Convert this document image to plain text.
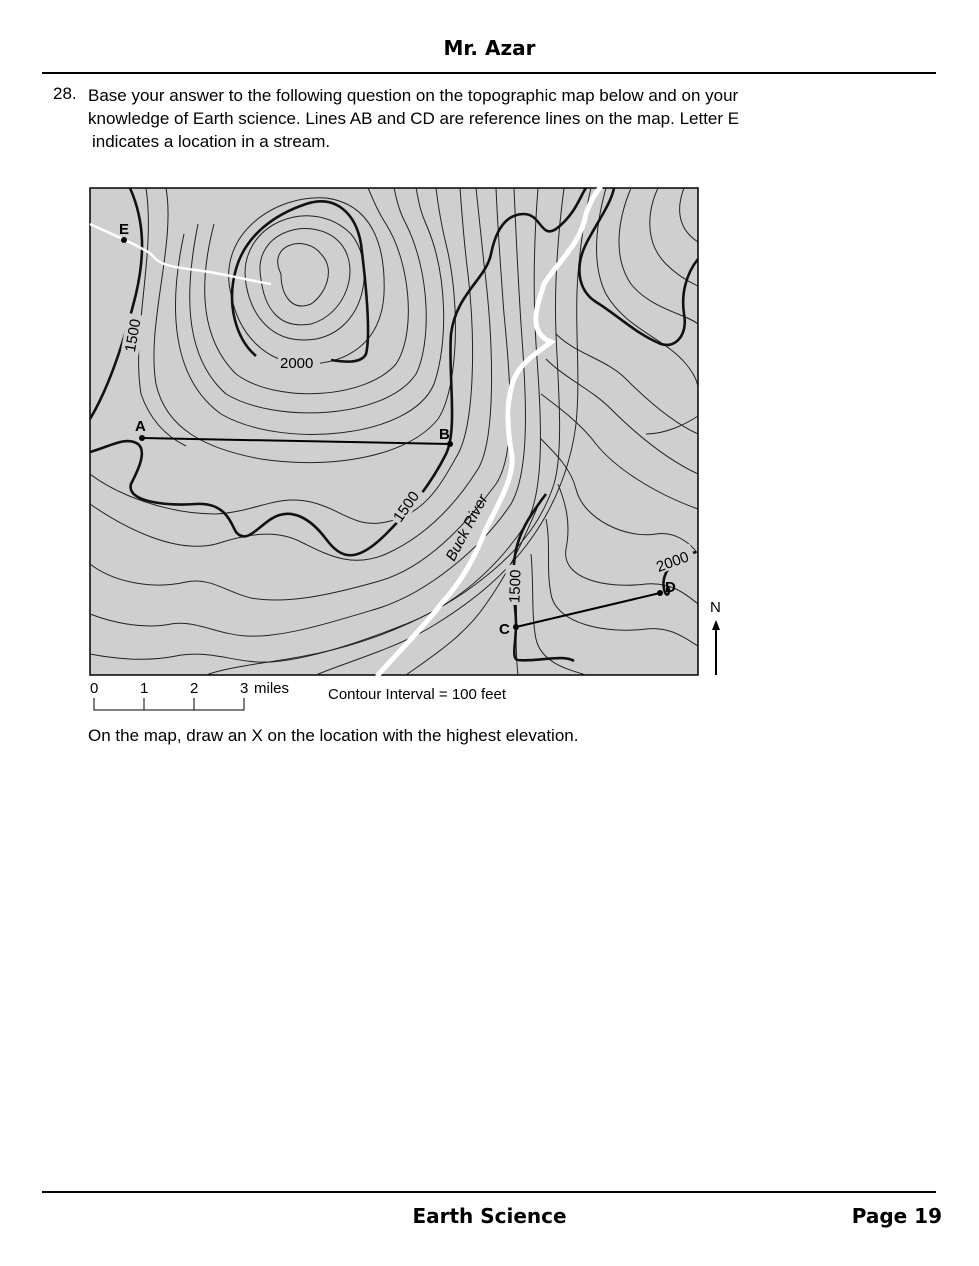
Mr. Azar
28. Base your answer to the following question on the topographic map below and on your
knowledge of Earth science. Lines AB and CD are reference lines on the map. Letter E
indicates a location in a stream.
E
A	B
C
D
2000
2000
1500
1500
1500
Buck River
N
0	1	2	3 miles	Contour Interval = 100 feet
On the map, draw an X on the location with the highest elevation.
Earth Science	Page 19
